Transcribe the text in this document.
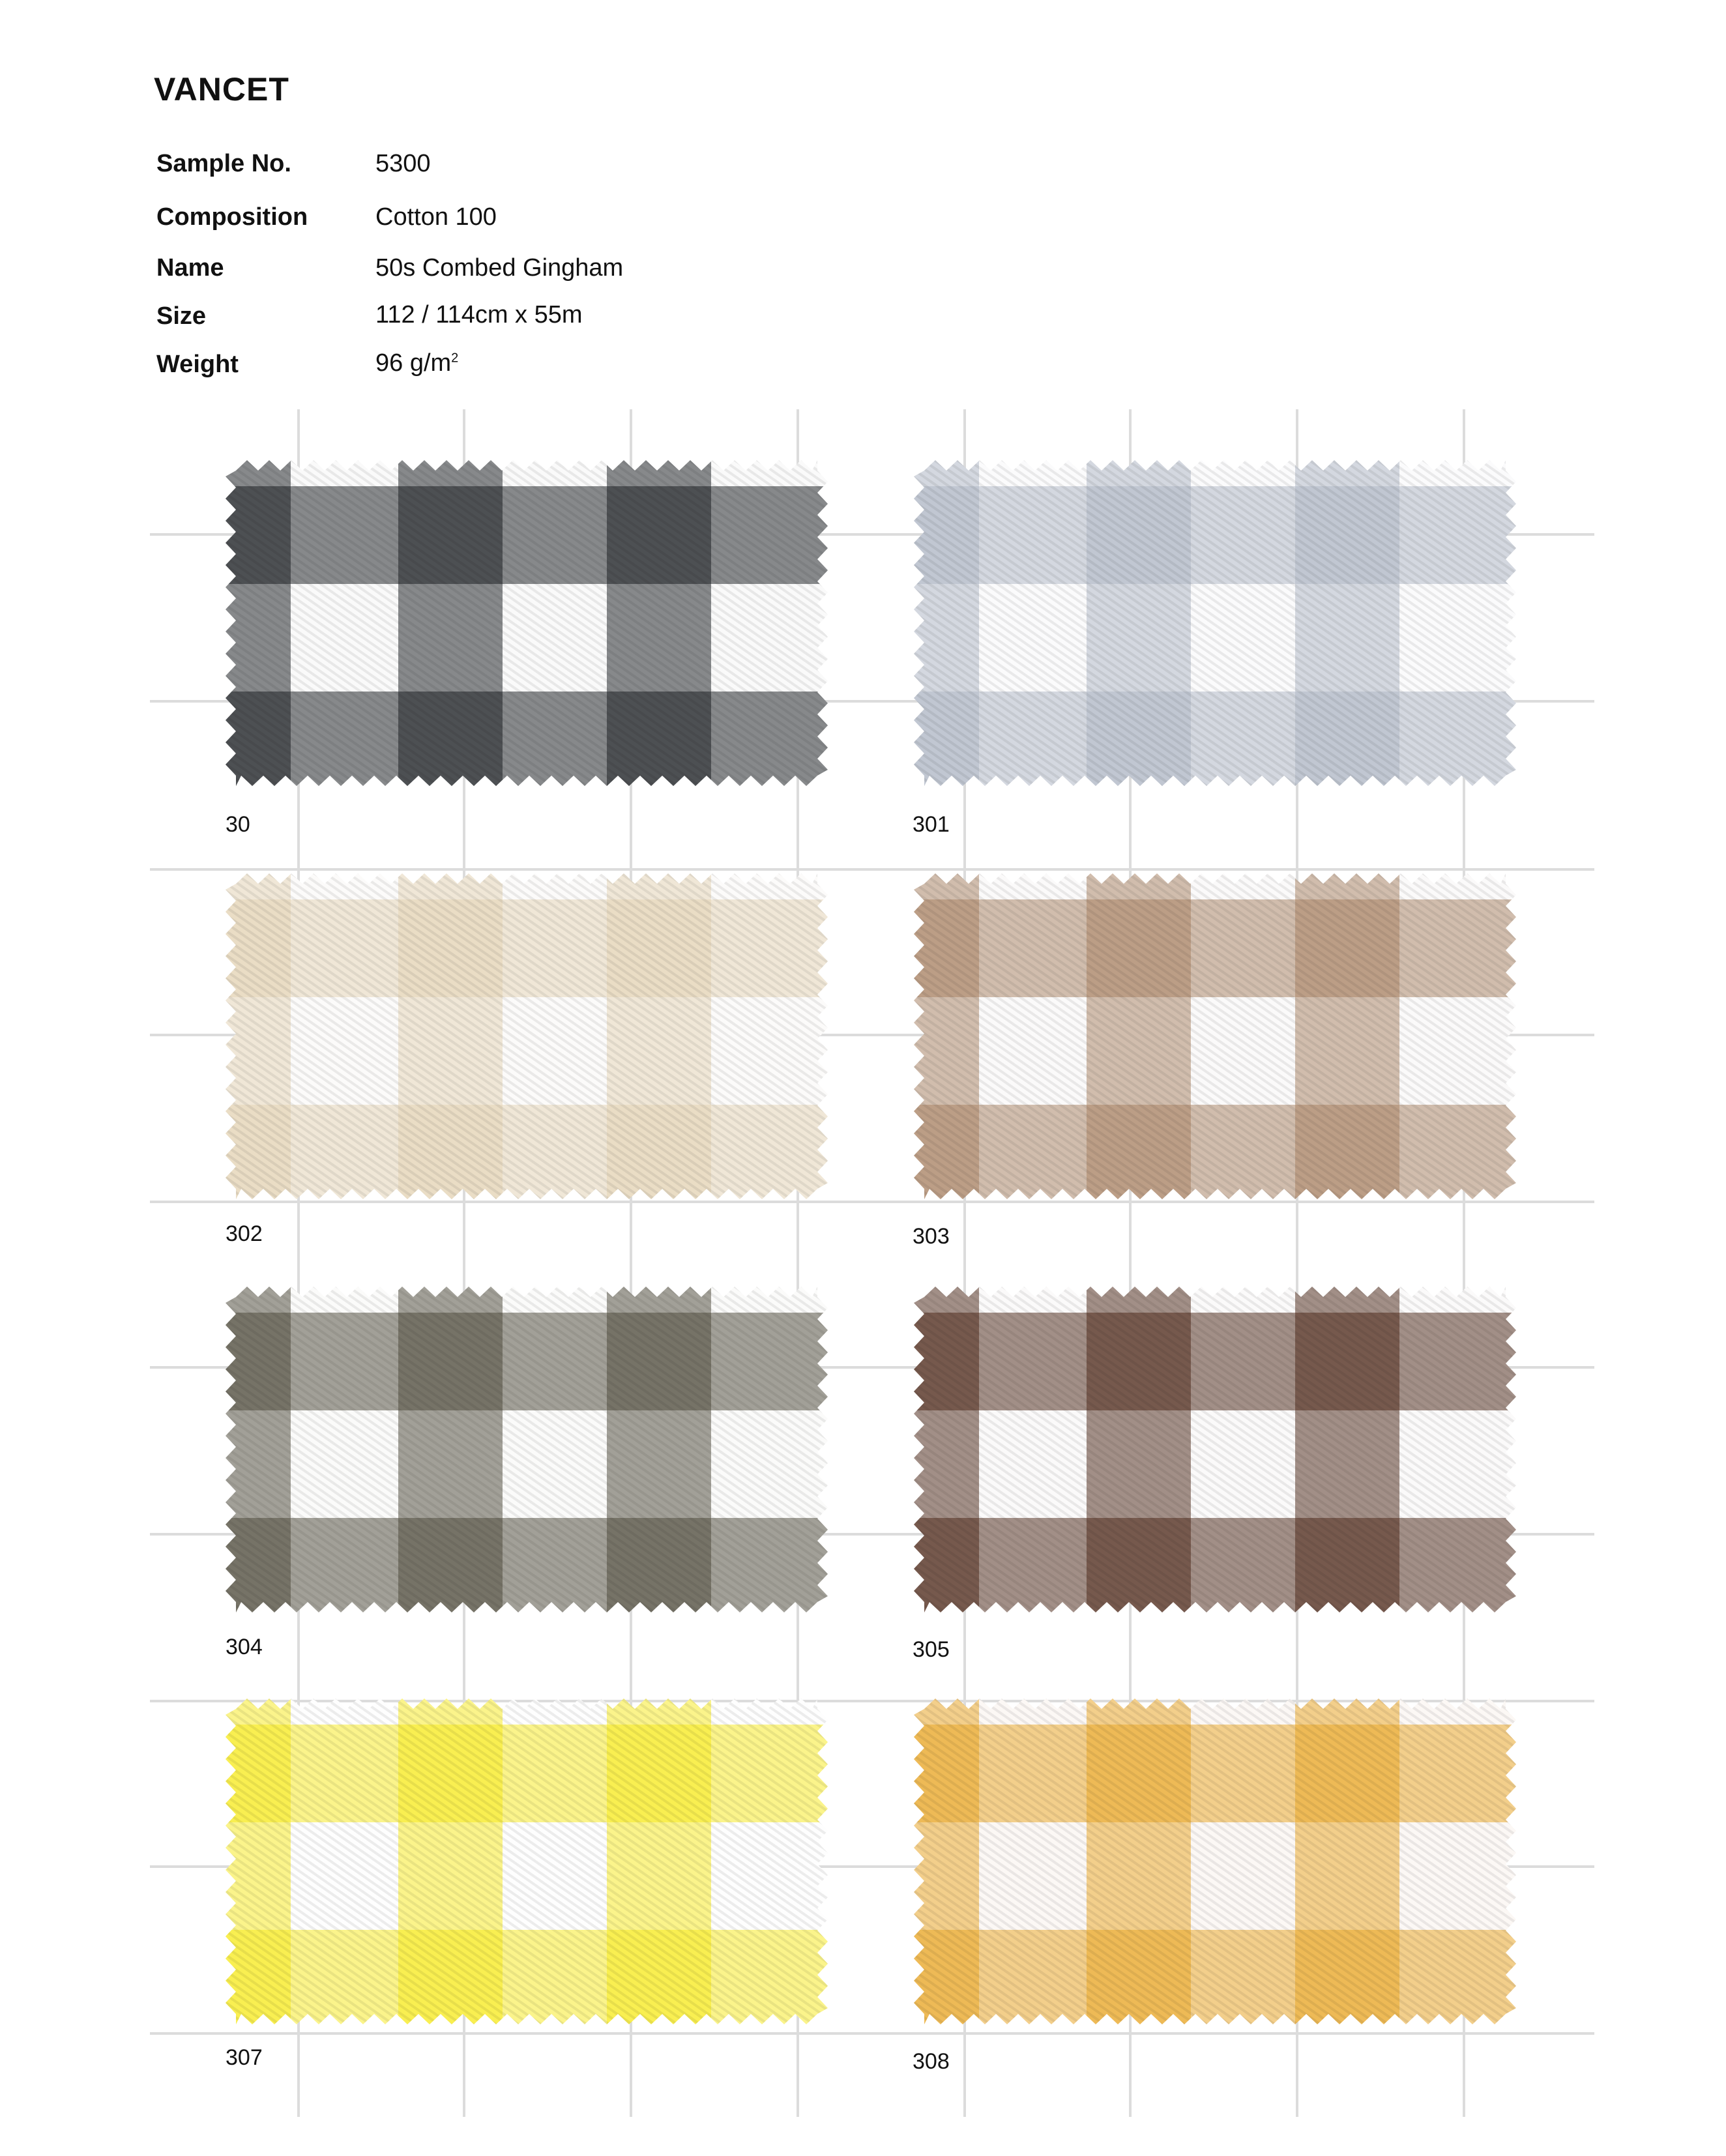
VANCET
Sample No.	5300
Composition	Cotton 100
Name	50s Combed Gingham
Size	112 / 114cm x 55m
Weight	96 $g/m^2$
30	301
302	303
304	305
307	308
